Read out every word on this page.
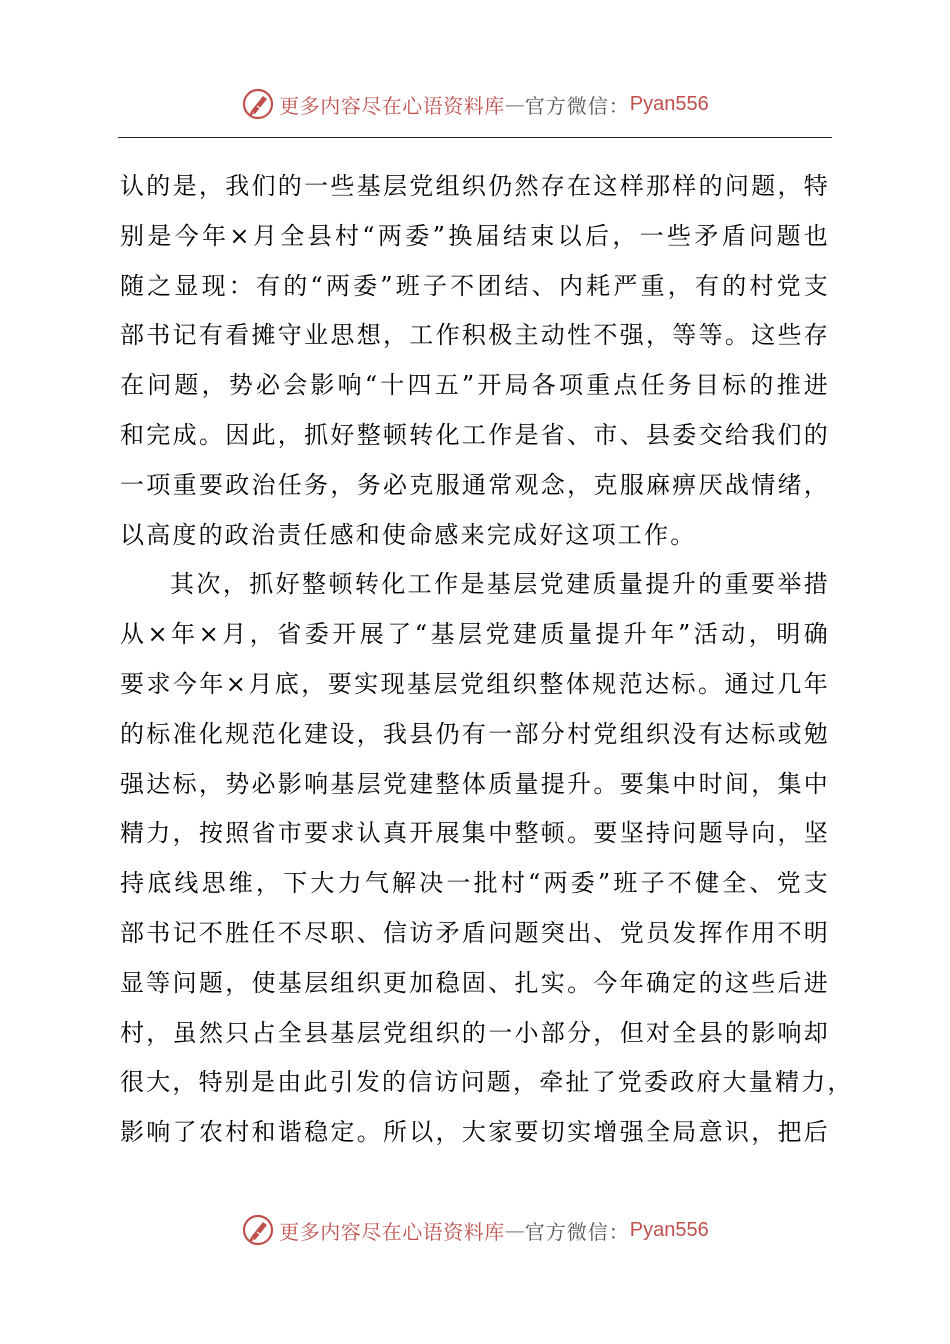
更多内容尽在心语资料库 — 官方微信： Pyan556
认的是，我们的一些基层党组织仍然存在这样那样的问题，特
别是今年×月全县村“两委”换届结束以后，一些矛盾问题也
随之显现：有的“两委”班子不团结、内耗严重，有的村党支
部书记有看摊守业思想，工作积极主动性不强，等等。这些存
在问题，势必会影响“十四五”开局各项重点任务目标的推进
和完成。因此，抓好整顿转化工作是省、市、县委交给我们的
一项重要政治任务，务必克服通常观念，克服麻痹厌战情绪，
以高度的政治责任感和使命感来完成好这项工作。
其次，抓好整顿转化工作是基层党建质量提升的重要举措
从×年×月，省委开展了“基层党建质量提升年”活动，明确
要求今年×月底，要实现基层党组织整体规范达标。通过几年
的标准化规范化建设，我县仍有一部分村党组织没有达标或勉
强达标，势必影响基层党建整体质量提升。要集中时间，集中
精力，按照省市要求认真开展集中整顿。要坚持问题导向，坚
持底线思维，下大力气解决一批村“两委”班子不健全、党支
部书记不胜任不尽职、信访矛盾问题突出、党员发挥作用不明
显等问题，使基层组织更加稳固、扎实。今年确定的这些后进
村，虽然只占全县基层党组织的一小部分，但对全县的影响却
很大，特别是由此引发的信访问题，牵扯了党委政府大量精力，
影响了农村和谐稳定。所以，大家要切实增强全局意识，把后
更多内容尽在心语资料库 — 官方微信： Pyan556
